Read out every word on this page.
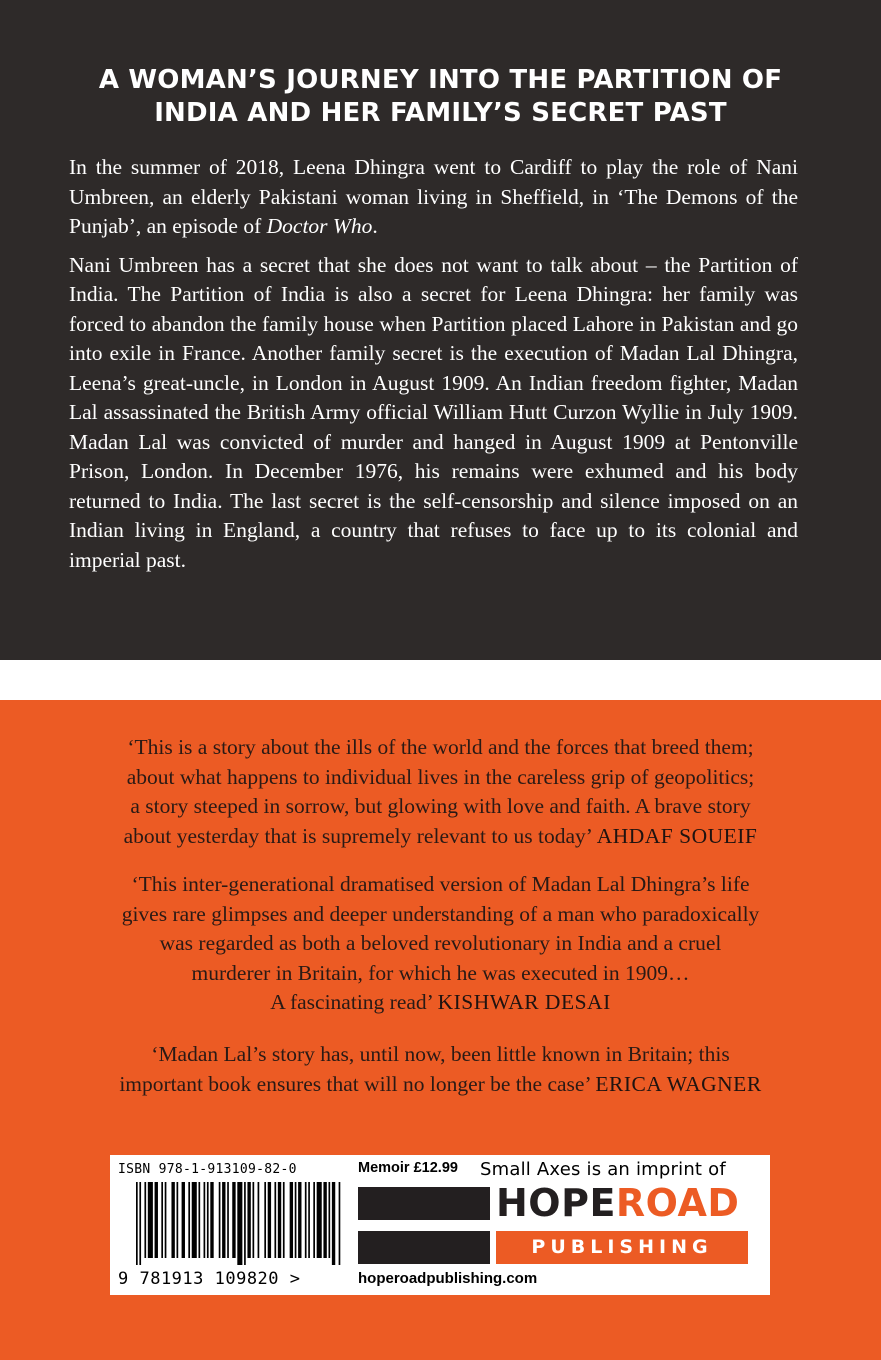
A WOMAN’S JOURNEY INTO THE PARTITION OF
INDIA AND HER FAMILY’S SECRET PAST

In the summer of 2018, Leena Dhingra went to Cardiff to play the role of Nani Umbreen, an elderly Pakistani woman living in Sheffield, in ‘The Demons of the Punjab’, an episode of Doctor Who.

Nani Umbreen has a secret that she does not want to talk about – the Partition of India. The Partition of India is also a secret for Leena Dhingra: her family was forced to abandon the family house when Partition placed Lahore in Pakistan and go into exile in France. Another family secret is the execution of Madan Lal Dhingra, Leena’s great-uncle, in London in August 1909. An Indian freedom fighter, Madan Lal assassinated the British Army official William Hutt Curzon Wyllie in July 1909. Madan Lal was convicted of murder and hanged in August 1909 at Pentonville Prison, London. In December 1976, his remains were exhumed and his body returned to India. The last secret is the self-censorship and silence imposed on an Indian living in England, a country that refuses to face up to its colonial and imperial past.

‘This is a story about the ills of the world and the forces that breed them;
about what happens to individual lives in the careless grip of geopolitics;
a story steeped in sorrow, but glowing with love and faith. A brave story
about yesterday that is supremely relevant to us today’ AHDAF SOUEIF
‘This inter-generational dramatised version of Madan Lal Dhingra’s life
gives rare glimpses and deeper understanding of a man who paradoxically
was regarded as both a beloved revolutionary in India and a cruel
murderer in Britain, for which he was executed in 1909…
A fascinating read’ KISHWAR DESAI
‘Madan Lal’s story has, until now, been little known in Britain; this
important book ensures that will no longer be the case’ ERICA WAGNER
ISBN 978-1-913109-82-0
9 781913 109820 >
Memoir £12.99 Small Axes is an imprint of
HOPEROAD
PUBLISHING
hoperoadpublishing.com
